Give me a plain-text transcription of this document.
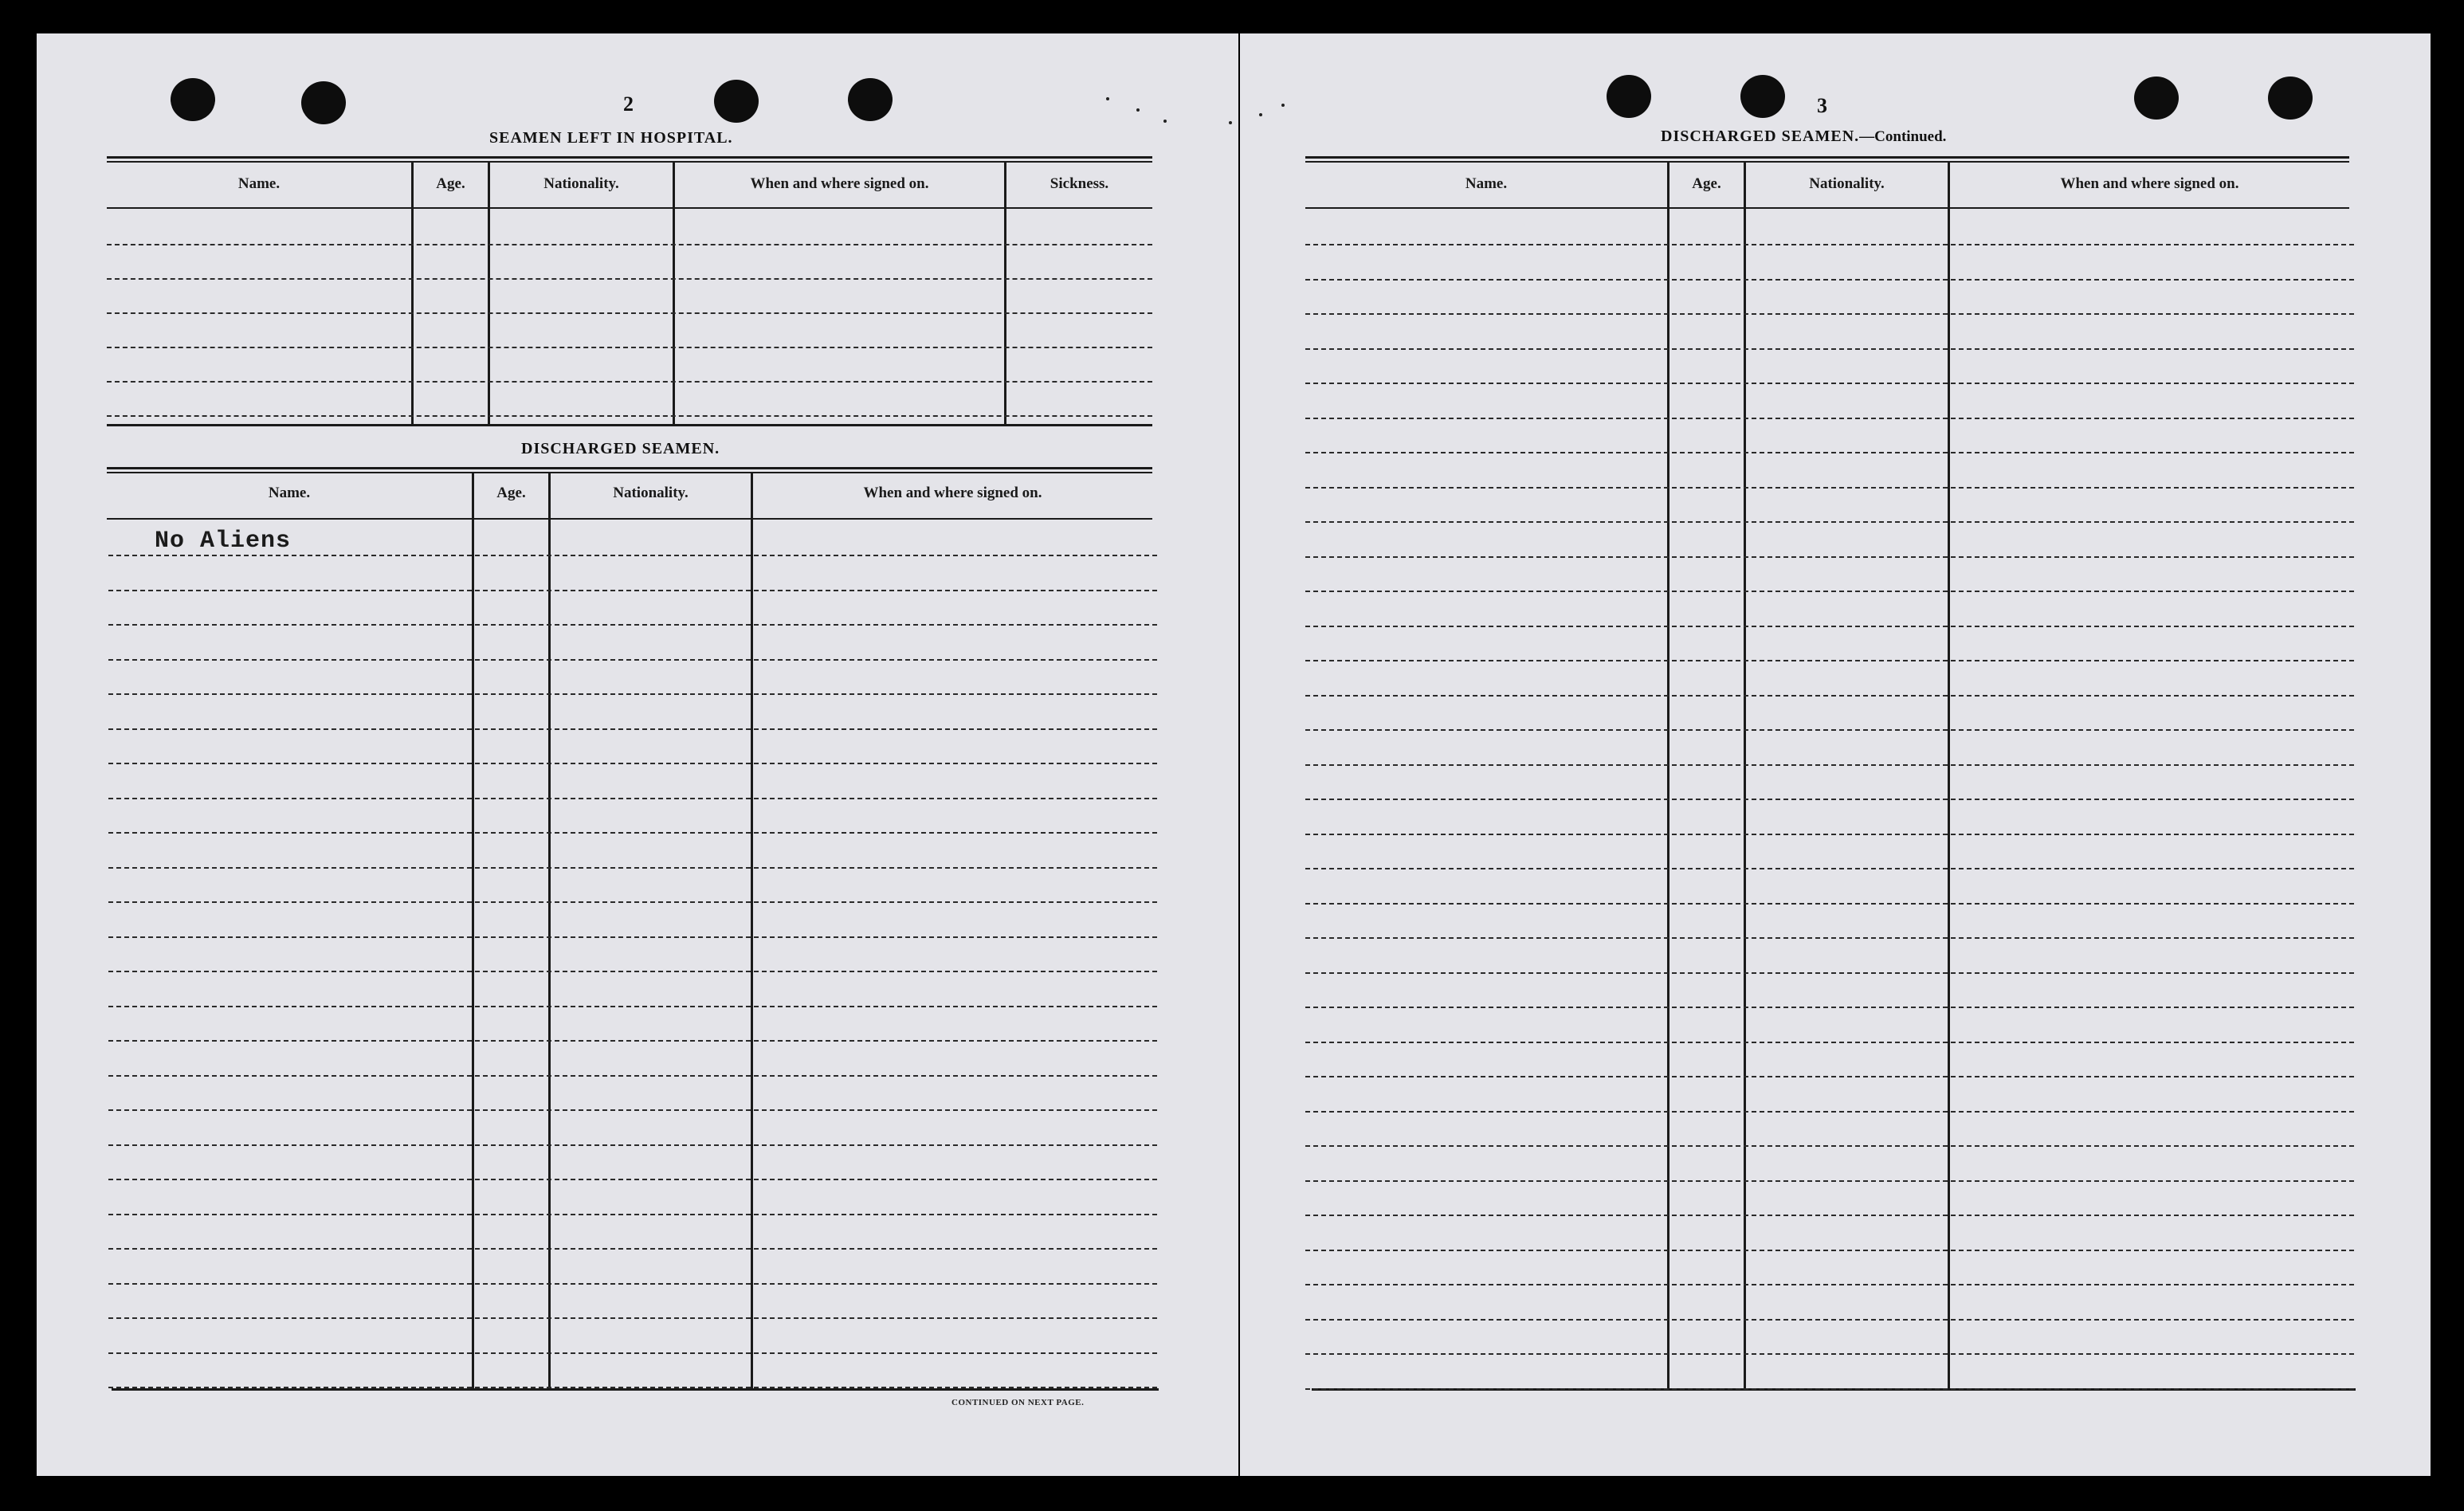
2
SEAMEN LEFT IN HOSPITAL.
Name.	Age.	Nationality.	When and where signed on.	Sickness.
DISCHARGED SEAMEN.
Name.	Age.	Nationality.	When and where signed on.
No Aliens
CONTINUED ON NEXT PAGE.
3
DISCHARGED SEAMEN.—Continued.
Name.	Age.	Nationality.	When and where signed on.
